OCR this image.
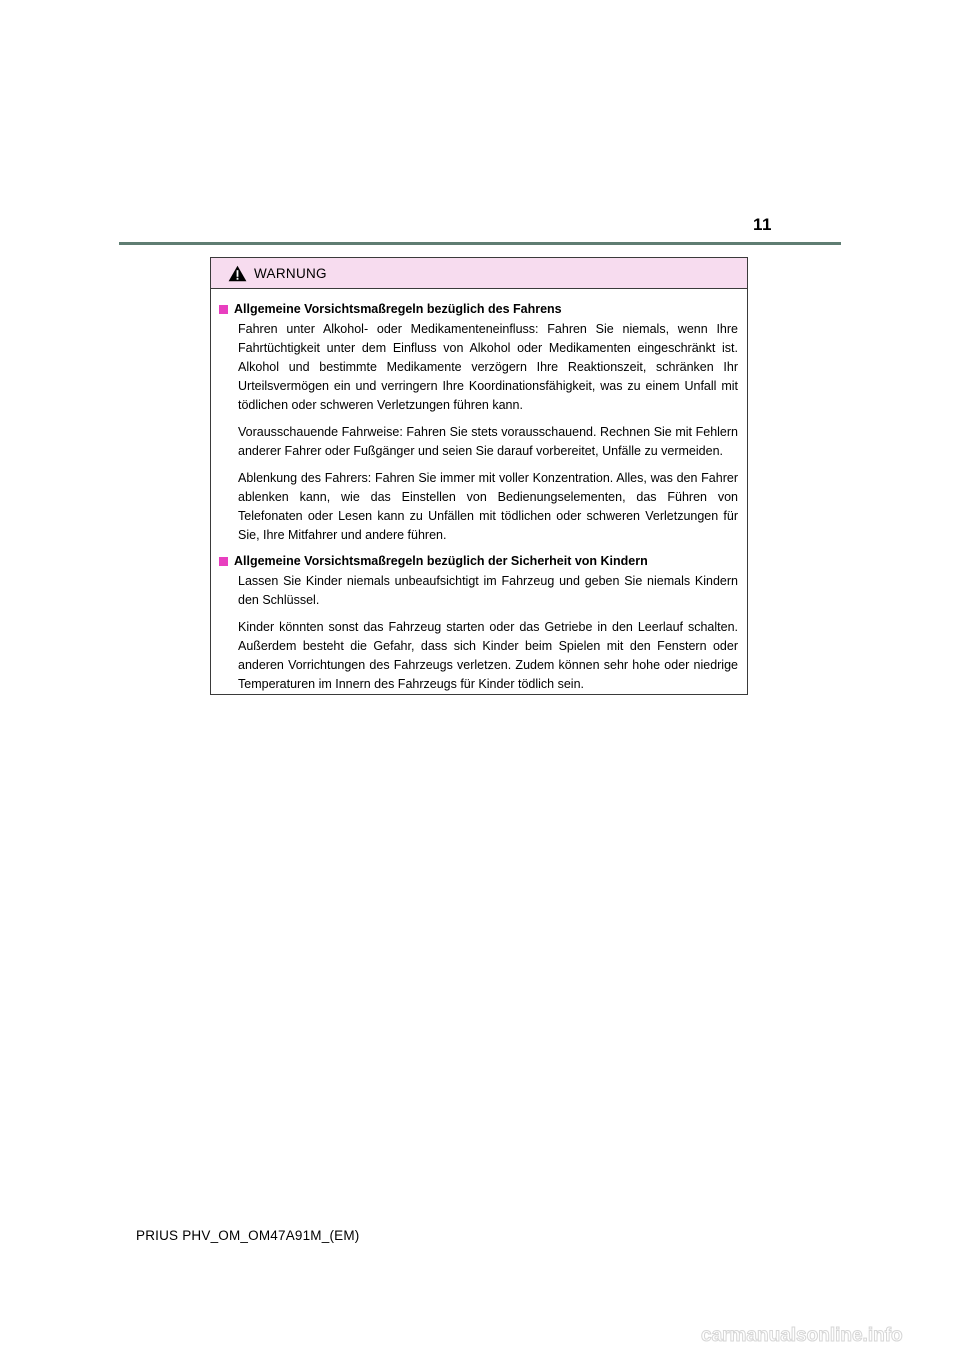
11
WARNUNG
Allgemeine Vorsichtsmaßregeln bezüglich des Fahrens

Fahren unter Alkohol- oder Medikamenteneinfluss: Fahren Sie niemals, wenn Ihre Fahrtüchtigkeit unter dem Einfluss von Alkohol oder Medikamenten eingeschränkt ist. Alkohol und bestimmte Medikamente verzögern Ihre Reaktionszeit, schränken Ihr Urteilsvermögen ein und verringern Ihre Koordinationsfähigkeit, was zu einem Unfall mit tödlichen oder schweren Verletzungen führen kann.

Vorausschauende Fahrweise: Fahren Sie stets vorausschauend. Rechnen Sie mit Fehlern anderer Fahrer oder Fußgänger und seien Sie darauf vorbereitet, Unfälle zu vermeiden.

Ablenkung des Fahrers: Fahren Sie immer mit voller Konzentration. Alles, was den Fahrer ablenken kann, wie das Einstellen von Bedienungselementen, das Führen von Telefonaten oder Lesen kann zu Unfällen mit tödlichen oder schweren Verletzungen für Sie, Ihre Mitfahrer und andere führen.

Allgemeine Vorsichtsmaßregeln bezüglich der Sicherheit von Kindern

Lassen Sie Kinder niemals unbeaufsichtigt im Fahrzeug und geben Sie niemals Kindern den Schlüssel.

Kinder könnten sonst das Fahrzeug starten oder das Getriebe in den Leerlauf schalten. Außerdem besteht die Gefahr, dass sich Kinder beim Spielen mit den Fenstern oder anderen Vorrichtungen des Fahrzeugs verletzen. Zudem können sehr hohe oder niedrige Temperaturen im Innern des Fahrzeugs für Kinder tödlich sein.

PRIUS PHV_OM_OM47A91M_(EM)
carmanualsonline.info
